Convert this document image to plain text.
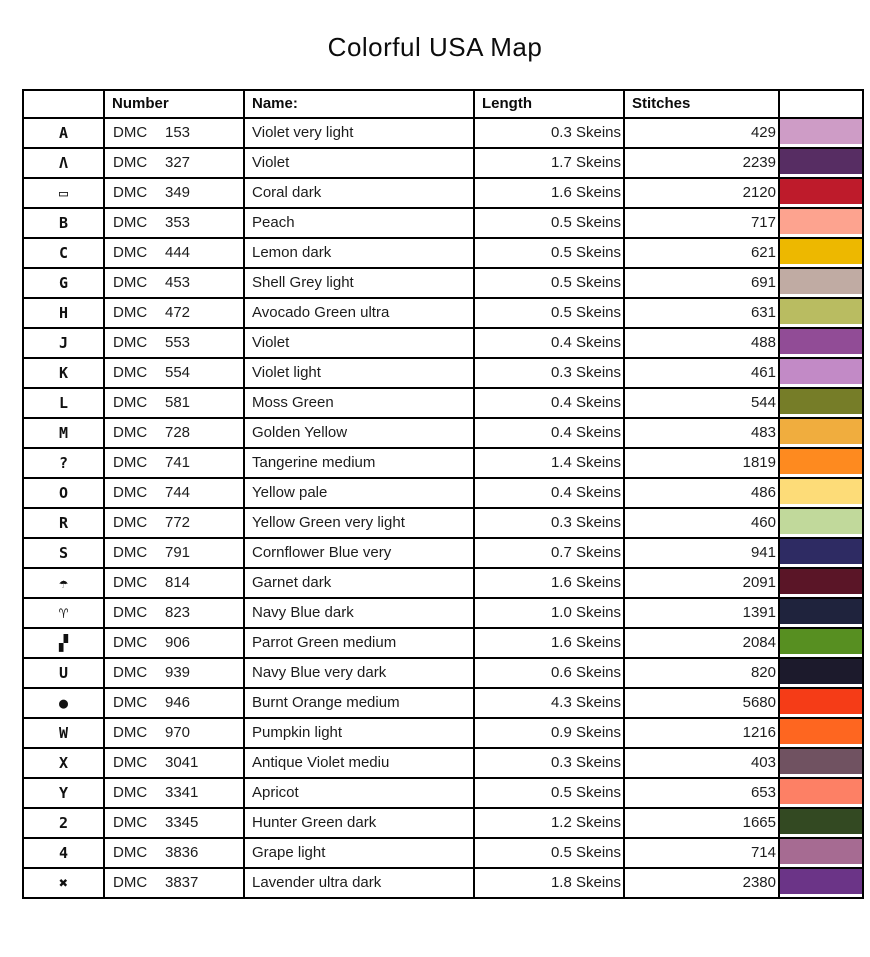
Colorful USA Map
	Number	Name:	Length	Stitches	
A	DMC 153	Violet very light	0.3 Skeins	429	

Λ	DMC 327	Violet	1.7 Skeins	2239	

▭	DMC 349	Coral dark	1.6 Skeins	2120	

B	DMC 353	Peach	0.5 Skeins	717	

C	DMC 444	Lemon dark	0.5 Skeins	621	

G	DMC 453	Shell Grey light	0.5 Skeins	691	

H	DMC 472	Avocado Green ultra	0.5 Skeins	631	

J	DMC 553	Violet	0.4 Skeins	488	

K	DMC 554	Violet light	0.3 Skeins	461	

L	DMC 581	Moss Green	0.4 Skeins	544	

M	DMC 728	Golden Yellow	0.4 Skeins	483	

?	DMC 741	Tangerine medium	1.4 Skeins	1819	

O	DMC 744	Yellow pale	0.4 Skeins	486	

R	DMC 772	Yellow Green very light	0.3 Skeins	460	

S	DMC 791	Cornflower Blue very	0.7 Skeins	941	

☂	DMC 814	Garnet dark	1.6 Skeins	2091	

♈	DMC 823	Navy Blue dark	1.0 Skeins	1391	

▞	DMC 906	Parrot Green medium	1.6 Skeins	2084	

U	DMC 939	Navy Blue very dark	0.6 Skeins	820	

●	DMC 946	Burnt Orange medium	4.3 Skeins	5680	

W	DMC 970	Pumpkin light	0.9 Skeins	1216	

X	DMC 3041	Antique Violet mediu	0.3 Skeins	403	

Y	DMC 3341	Apricot	0.5 Skeins	653	

2	DMC 3345	Hunter Green dark	1.2 Skeins	1665	

4	DMC 3836	Grape light	0.5 Skeins	714	

✖	DMC 3837	Lavender ultra dark	1.8 Skeins	2380	
